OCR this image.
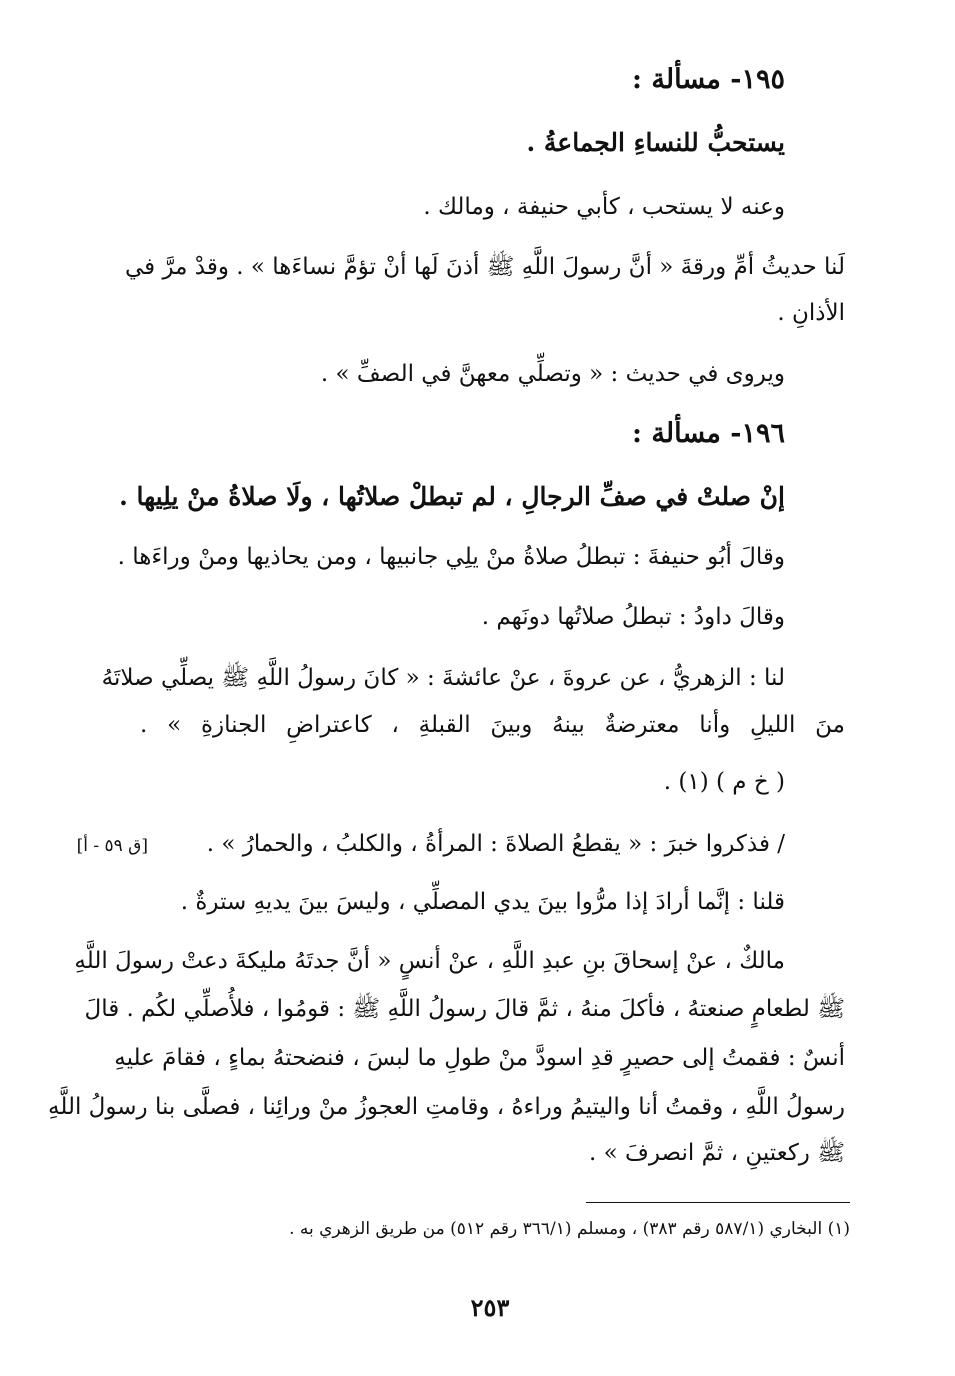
١٩٥- مسألة :
يستحبُّ للنساءِ الجماعةُ .
وعنه لا يستحب ، كأبي حنيفة ، ومالك .
لَنا حديثُ أمِّ ورقةَ « أنَّ رسولَ اللَّهِ ﷺ أذنَ لَها أنْ تؤمَّ نساءَها » . وقدْ مرَّ في
الأذانِ .
ويروى في حديث : « وتصلِّي معهنَّ في الصفِّ » .
١٩٦- مسألة :
إنْ صلتْ في صفِّ الرجالِ ، لم تبطلْ صلاتُها ، ولَا صلاةُ منْ يلِيها .
وقالَ أبُو حنيفةَ : تبطلُ صلاةُ منْ يلِي جانبيها ، ومن يحاذيها ومنْ وراءَها .
وقالَ داودُ : تبطلُ صلاتُها دونَهم .
لنا : الزهريُّ ، عن عروةَ ، عنْ عائشةَ : « كانَ رسولُ اللَّهِ ﷺ يصلِّي صلاتَهُ
منَ الليلِ وأنا معترضةٌ بينهُ وبينَ القبلةِ ، كاعتراضِ الجنازةِ » .
( خ م ) (١) .
/ فذكروا خبرَ : « يقطعُ الصلاةَ : المرأةُ ، والكلبُ ، والحمارُ » .
[ق ٥٩ - أ]
قلنا : إنَّما أرادَ إذا مرُّوا بينَ يدي المصلِّي ، وليسَ بينَ يديهِ سترةٌ .
مالكٌ ، عنْ إسحاقَ بنِ عبدِ اللَّهِ ، عنْ أنسٍ « أنَّ جدتَهُ مليكةَ دعتْ رسولَ اللَّهِ
ﷺ لطعامٍ صنعتهُ ، فأكلَ منهُ ، ثمَّ قالَ رسولُ اللَّهِ ﷺ : قومُوا ، فلأُصلِّي لكُم . قالَ
أنسٌ : فقمتُ إلى حصيرٍ قدِ اسودَّ منْ طولِ ما لبسَ ، فنضحتهُ بماءٍ ، فقامَ عليهِ
رسولُ اللَّهِ ، وقمتُ أنا واليتيمُ وراءهُ ، وقامتِ العجوزُ منْ ورائِنا ، فصلَّى بنا رسولُ اللَّهِ
ﷺ ركعتينِ ، ثمَّ انصرفَ » .
(١) البخاري (٥٨٧/١ رقم ٣٨٣) ، ومسلم (٣٦٦/١ رقم ٥١٢) من طريق الزهري به .
٢٥٣
